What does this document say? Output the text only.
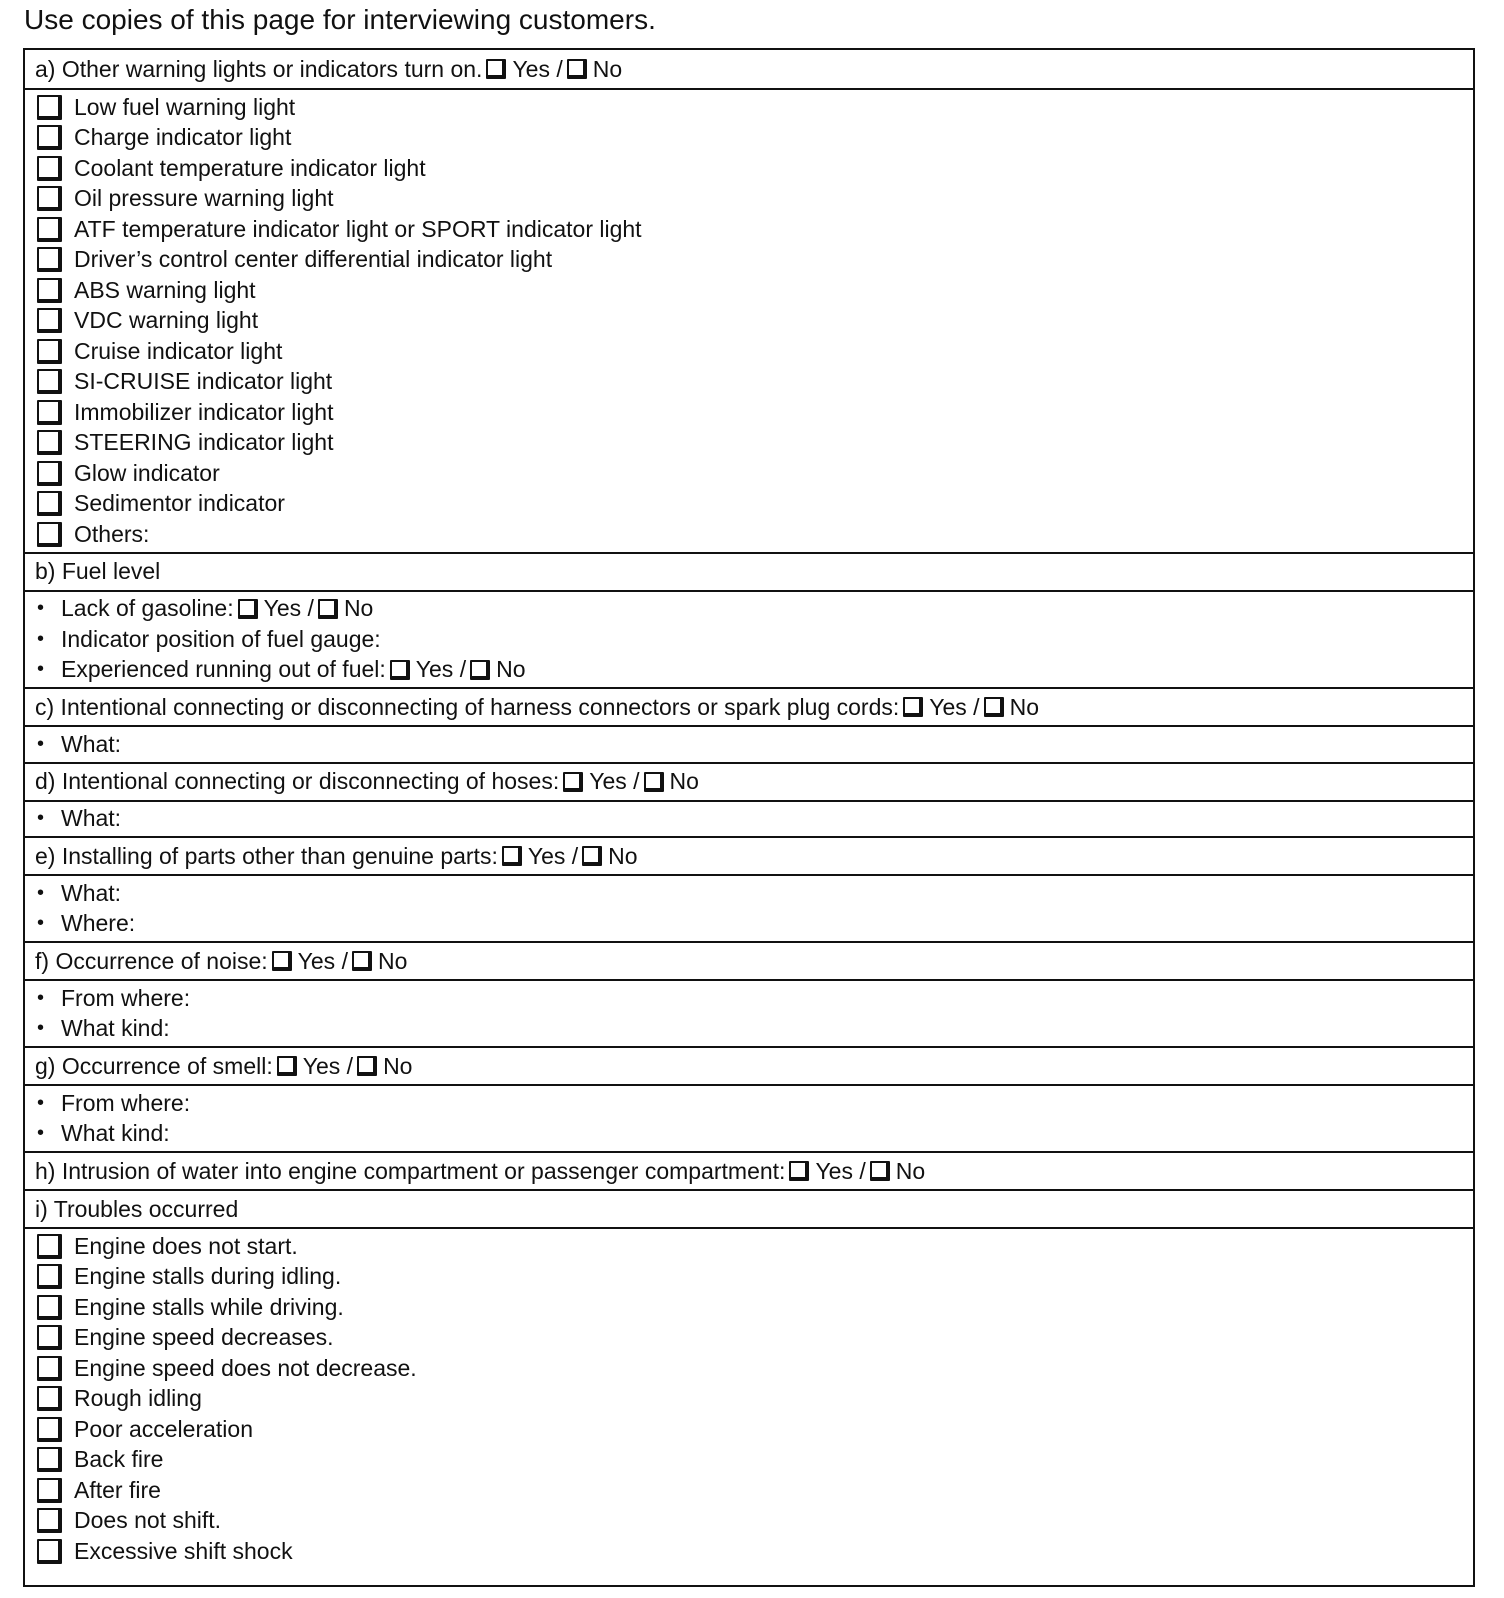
Use copies of this page for interviewing customers.
a) Other warning lights or indicators turn on. Yes / No
Low fuel warning light
Charge indicator light
Coolant temperature indicator light
Oil pressure warning light
ATF temperature indicator light or SPORT indicator light
Driver’s control center differential indicator light
ABS warning light
VDC warning light
Cruise indicator light
SI-CRUISE indicator light
Immobilizer indicator light
STEERING indicator light
Glow indicator
Sedimentor indicator
Others:
b) Fuel level
• Lack of gasoline: Yes / No
• Indicator position of fuel gauge:
• Experienced running out of fuel: Yes / No
c) Intentional connecting or disconnecting of harness connectors or spark plug cords: Yes / No
• What:
d) Intentional connecting or disconnecting of hoses: Yes / No
• What:
e) Installing of parts other than genuine parts: Yes / No
• What:
• Where:
f) Occurrence of noise: Yes / No
• From where:
• What kind:
g) Occurrence of smell: Yes / No
• From where:
• What kind:
h) Intrusion of water into engine compartment or passenger compartment: Yes / No
i) Troubles occurred
Engine does not start.
Engine stalls during idling.
Engine stalls while driving.
Engine speed decreases.
Engine speed does not decrease.
Rough idling
Poor acceleration
Back fire
After fire
Does not shift.
Excessive shift shock
